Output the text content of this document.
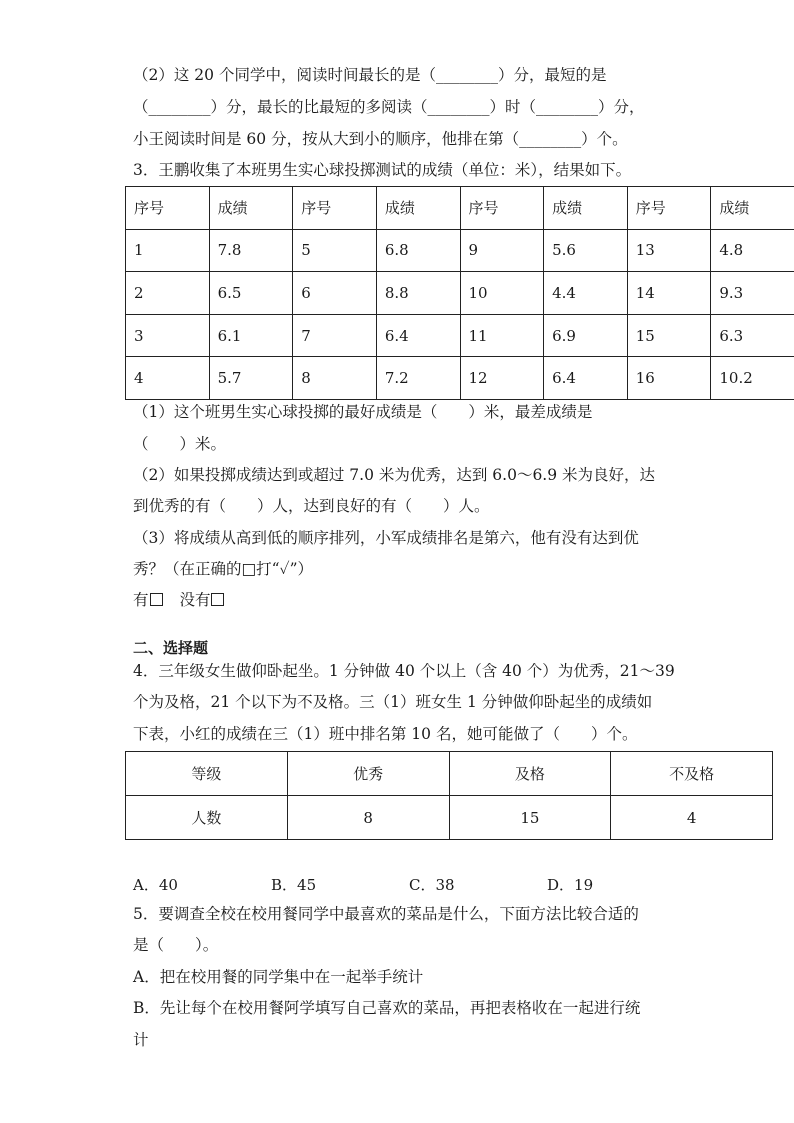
（2）这 20 个同学中，阅读时间最长的是（________）分，最短的是
（________）分，最长的比最短的多阅读（________）时（________）分，
小王阅读时间是 60 分，按从大到小的顺序，他排在第（________）个。
3．王鹏收集了本班男生实心球投掷测试的成绩（单位：米），结果如下。
序号	成绩	序号	成绩	序号	成绩	序号	成绩
1	7.8	5	6.8	9	5.6	13	4.8
2	6.5	6	8.8	10	4.4	14	9.3
3	6.1	7	6.4	11	6.9	15	6.3
4	5.7	8	7.2	12	6.4	16	10.2
（1）这个班男生实心球投掷的最好成绩是（　　）米，最差成绩是
（　　）米。
（2）如果投掷成绩达到或超过 7.0 米为优秀，达到 6.0～6.9 米为良好，达
到优秀的有（　　）人，达到良好的有（　　）人。
（3）将成绩从高到低的顺序排列，小军成绩排名是第六，他有没有达到优
秀？（在正确的□打“✓”）
有 没有
二、选择题
4．三年级女生做仰卧起坐。1 分钟做 40 个以上（含 40 个）为优秀，21～39
个为及格，21 个以下为不及格。三（1）班女生 1 分钟做仰卧起坐的成绩如
下表，小红的成绩在三（1）班中排名第 10 名，她可能做了（　　）个。
等级	优秀	及格	不及格
人数	8	15	4
A．40	B．45	C．38	D．19
5．要调查全校在校用餐同学中最喜欢的菜品是什么，下面方法比较合适的
是（　　）。
A．把在校用餐的同学集中在一起举手统计
B．先让每个在校用餐阿学填写自己喜欢的菜品，再把表格收在一起进行统
计
